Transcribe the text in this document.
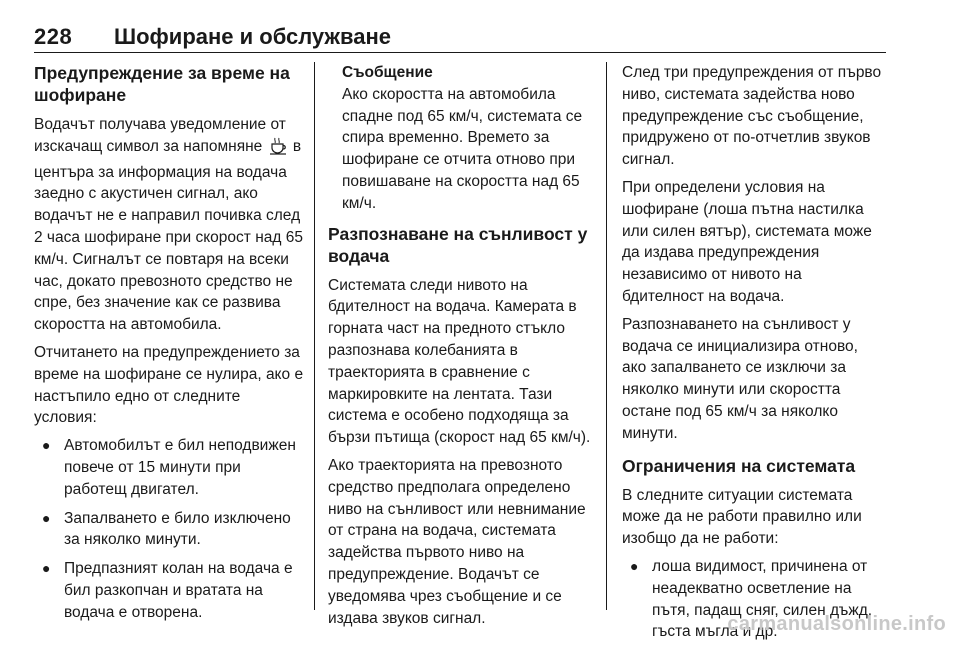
228 Шофиране и обслужване
Предупреждение за време на шофиране
Водачът получава уведомление от изскачащ символ за напомняне в центъра за информация на водача заедно с акустичен сигнал, ако водачът не е направил почивка след 2 часа шофиране при скорост над 65 км/ч. Сигналът се повтаря на всеки час, докато превозното средство не спре, без значение как се развива скоростта на автомобила.
Отчитането на предупреждението за време на шофиране се нулира, ако е настъпило едно от следните условия:
● Автомобилът е бил неподвижен повече от 15 минути при работещ двигател.
● Запалването е било изключено за няколко минути.
● Предпазният колан на водача е бил разкопчан и вратата на водача е отворена.
Съобщение
Ако скоростта на автомобила спадне под 65 км/ч, системата се спира временно. Времето за шофиране се отчита отново при повишаване на скоростта над 65 км/ч.
Разпознаване на сънливост у водача
Системата следи нивото на бдителност на водача. Камерата в горната част на предното стъкло разпознава колебанията в траекторията в сравнение с маркировките на лентата. Тази система е особено подходяща за бързи пътища (скорост над 65 км/ч).
Ако траекторията на превозното средство предполага определено ниво на сънливост или невнимание от страна на водача, системата задейства първото ниво на предупреждение. Водачът се уведомява чрез съобщение и се издава звуков сигнал.
След три предупреждения от първо ниво, системата задейства ново предупреждение със съобщение, придружено от по-отчетлив звуков сигнал.
При определени условия на шофиране (лоша пътна настилка или силен вятър), системата може да издава предупреждения независимо от нивото на бдителност на водача.
Разпознаването на сънливост у водача се инициализира отново, ако запалването се изключи за няколко минути или скоростта остане под 65 км/ч за няколко минути.
Ограничения на системата
В следните ситуации системата може да не работи правилно или изобщо да не работи:
● лоша видимост, причинена от неадекватно осветление на пътя, падащ сняг, силен дъжд, гъста мъгла и др.
carmanualsonline.info
